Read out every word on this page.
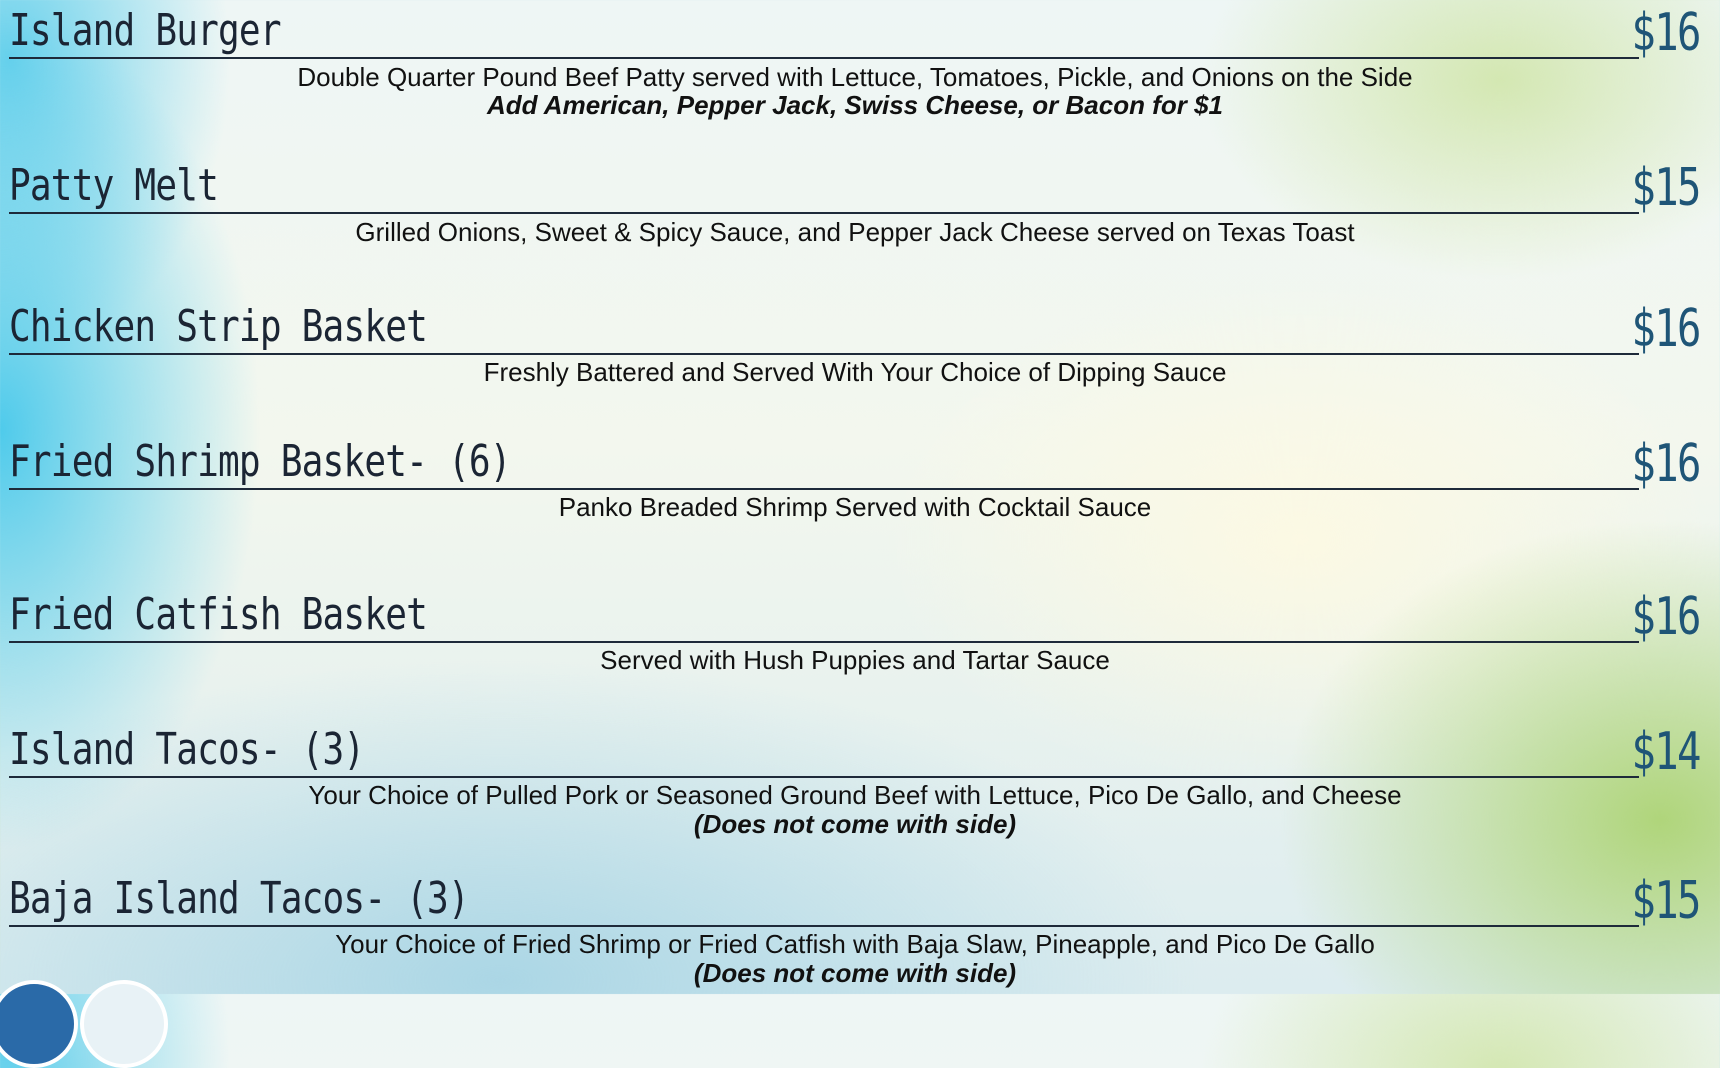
Island Burger	$16
Double Quarter Pound Beef Patty served with Lettuce, Tomatoes, Pickle, and Onions on the Side
Add American, Pepper Jack, Swiss Cheese, or Bacon for $1
Patty Melt	$15
Grilled Onions, Sweet & Spicy Sauce, and Pepper Jack Cheese served on Texas Toast
Chicken Strip Basket	$16
Freshly Battered and Served With Your Choice of Dipping Sauce
Fried Shrimp Basket- (6)	$16
Panko Breaded Shrimp Served with Cocktail Sauce
Fried Catfish Basket	$16
Served with Hush Puppies and Tartar Sauce
Island Tacos- (3)	$14
Your Choice of Pulled Pork or Seasoned Ground Beef with Lettuce, Pico De Gallo, and Cheese
(Does not come with side)
Baja Island Tacos- (3)	$15
Your Choice of Fried Shrimp or Fried Catfish with Baja Slaw, Pineapple, and Pico De Gallo
(Does not come with side)
